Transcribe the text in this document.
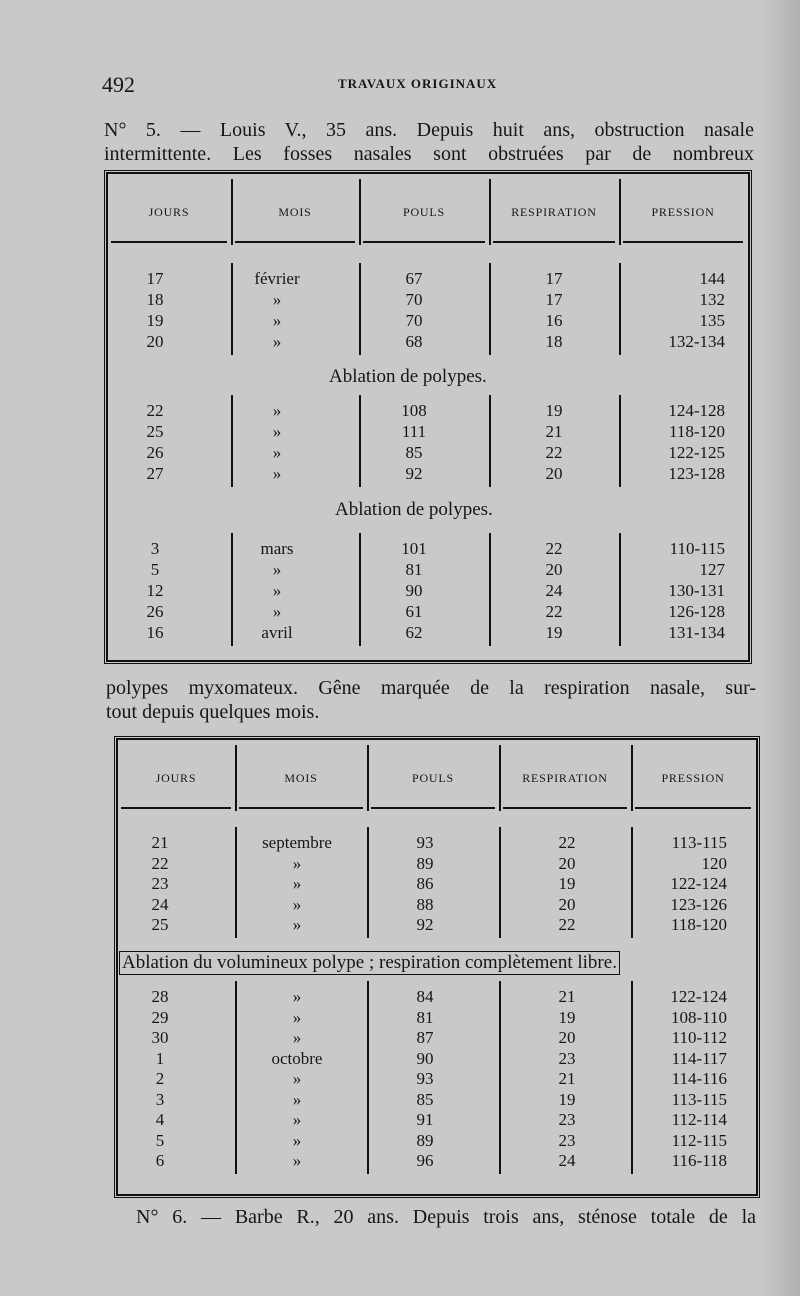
492	TRAVAUX ORIGINAUX
N° 5. — Louis V., 35 ans. Depuis huit ans, obstruction nasale
intermittente. Les fosses nasales sont obstruées par de nombreux
JOURS	MOIS	POULS	RESPIRATION	PRESSION
17	février	67	17	144
18	»	70	17	132
19	»	70	16	135
20	»	68	18	132-134
22	»	108	19	124-128
25	»	111	21	118-120
26	»	85	22	122-125
27	»	92	20	123-128
3	mars	101	22	110-115
5	»	81	20	127
12	»	90	24	130-131
26	»	61	22	126-128
16	avril	62	19	131-134
Ablation de polypes.
Ablation de polypes.
polypes myxomateux. Gêne marquée de la respiration nasale, sur-
tout depuis quelques mois.
JOURS	MOIS	POULS	RESPIRATION	PRESSION
21	septembre	93	22	113-115
22	»	89	20	120
23	»	86	19	122-124
24	»	88	20	123-126
25	»	92	22	118-120
28	»	84	21	122-124
29	»	81	19	108-110
30	»	87	20	110-112
1	octobre	90	23	114-117
2	»	93	21	114-116
3	»	85	19	113-115
4	»	91	23	112-114
5	»	89	23	112-115
6	»	96	24	116-118
Ablation du volumineux polype ; respiration complètement libre.
N° 6. — Barbe R., 20 ans. Depuis trois ans, sténose totale de la
